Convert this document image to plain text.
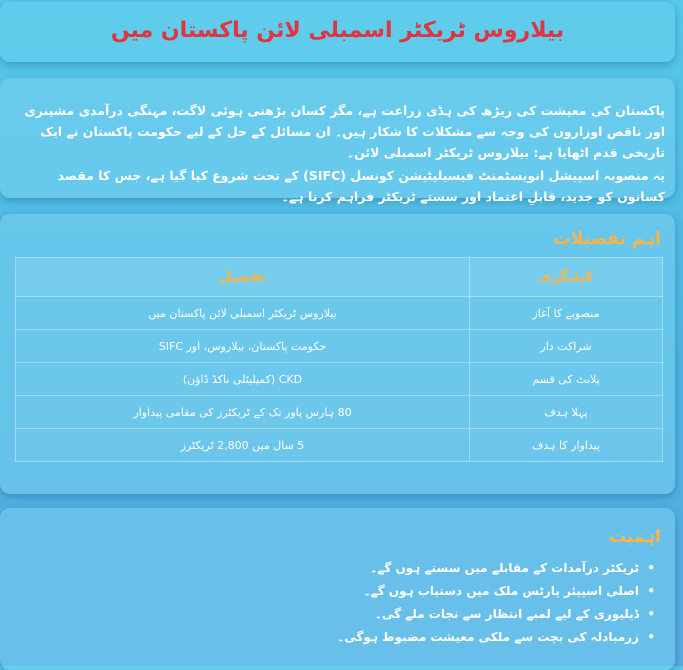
بیلاروس ٹریکٹر اسمبلی لائن پاکستان میں

پاکستان کی معیشت کی ریڑھ کی ہڈی زراعت ہے، مگر کسان بڑھتی ہوئی لاگت، مہنگی درآمدی مشینری اور ناقص اوزاروں کی وجہ سے مشکلات کا شکار ہیں۔ ان مسائل کے حل کے لیے حکومت پاکستان نے ایک تاریخی قدم اٹھایا ہے: بیلاروس ٹریکٹر اسمبلی لائن۔

یہ منصوبہ اسپیشل انویسٹمنٹ فیسیلیٹیشن کونسل (SIFC) کے تحت شروع کیا گیا ہے، جس کا مقصد کسانوں کو جدید، قابلِ اعتماد اور سستے ٹریکٹر فراہم کرنا ہے۔

اہم تفصیلات
کیٹیگری	تفصیل
منصوبے کا آغاز	بیلاروس ٹریکٹر اسمبلی لائن پاکستان میں
شراکت دار	حکومت پاکستان، بیلاروس، اور SIFC
پلانٹ کی قسم	CKD (کمپلیٹلی ناکڈ ڈاؤن)
پہلا ہدف	80 ہارس پاور تک کے ٹریکٹرز کی مقامی پیداوار
پیداوار کا ہدف	5 سال میں 2,800 ٹریکٹرز
اہمیت
•
ٹریکٹر درآمدات کے مقابلے میں سستے ہوں گے۔
•
اصلی اسپیئر پارٹس ملک میں دستیاب ہوں گے۔
•
ڈیلیوری کے لیے لمبے انتظار سے نجات ملے گی۔
•
زرمبادلہ کی بچت سے ملکی معیشت مضبوط ہوگی۔
